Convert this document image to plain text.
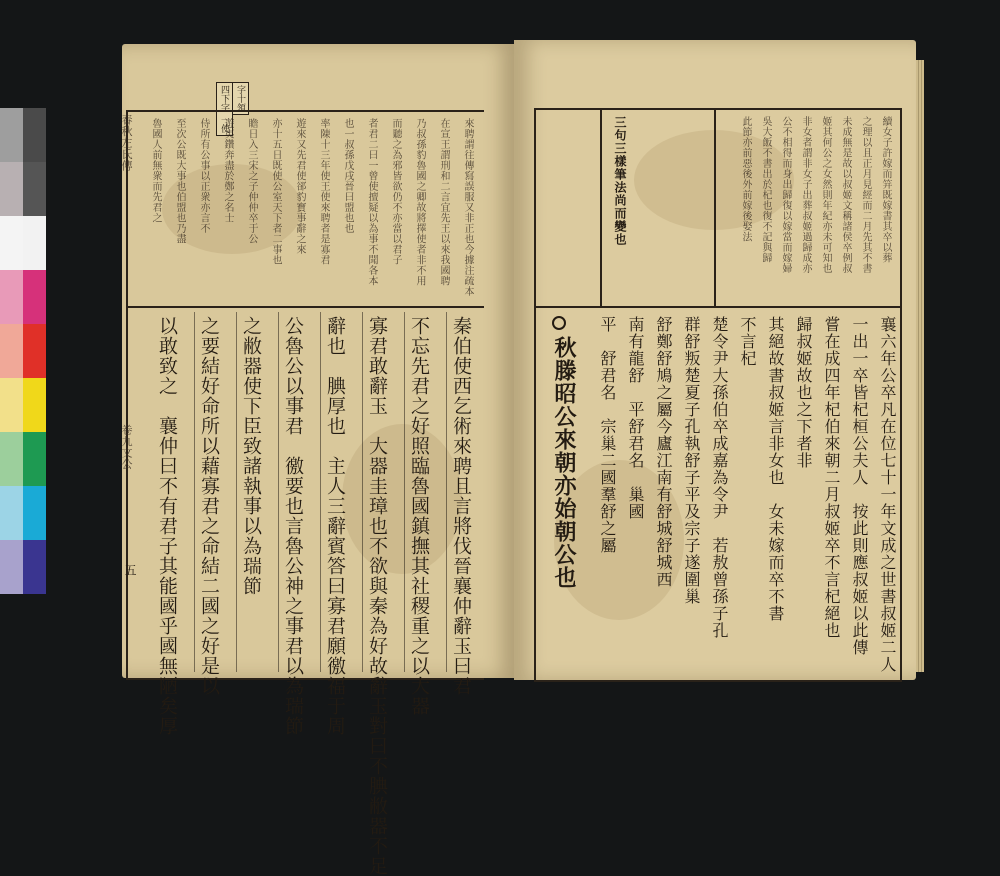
四下字 一使 字十領
來聘謂往傳寫誤服又非正也今據注疏本
在宣王謂刑和二言宜先王以來我國聘
乃叔孫豹魯國之卿故將擇使者非不用
而聽之為邪皆欲仍不亦當以君子
者君二曰一曾使擅疑以為事不聞各本
也一叔孫戊戌晉曰盟也也
率陳十三年使王使來聘者是寡君
遊來又先君使郤豹寶事辭之來
亦十五日既使公室天下者二事也
瞻日入三宋之子仲仲卒于公
遊夷鑽奔盡於鄭之名士
侍所有公事以正衆亦言不
至次公既大事也伯盟也乃盡
魯國人前無衆而先君之
秦伯使西乞術來聘且言將伐晉襄仲辭玉曰君
不忘先君之好照臨魯國鎮撫其社稷重之以大器
寡君敢辭玉　大器圭璋也不欲與秦為好故辭玉對曰不腆敝器不足
辭也　腆厚也　主人三辭賓答曰寡君願徼福于周
公魯公以事君　徼要也言魯公神之事君以為瑞節
之敝器使下臣致諸執事以為瑞節
之要結好命所以藉寡君之命結二國之好是以
以敢致之　襄仲曰不有君子其能國乎國無陋矣厚
春秋左氏傳
卷九文公
五
續女子許嫁而笄既嫁書其卒以葬
之理以且正月見經而二月先其不書
未成無是故以叔姬文稱諸侯卒例叔
姬其何公之女然則年紀亦未可知也
非女者謂非女子出葬叔姬過歸成亦
公不相得而身出歸復以嫁當而嫁婦
吳大飯不書出於杞也復不記與歸
此節亦前惡後外前嫁後娶法
三句三樣筆法尚而變也
襄六年公卒凡在位七十一年文成之世書叔姬二人
一出一卒皆杞桓公夫人　按此則應叔姬以此傳
嘗在成四年杞伯來朝二月叔姬卒不言杞絕也
歸叔姬故也之下者非
其絕故書叔姬言非女也　女未嫁而卒不書
不言杞
楚令尹大孫伯卒成嘉為令尹　若敖曾孫子孔
群舒叛楚夏子孔執舒子平及宗子遂圍巢
舒鄭舒鳩之屬今廬江南有舒城舒城西
南有龍舒　平舒君名　巢國
平　舒君名　宗巢二國羣舒之屬
秋滕昭公來朝亦始朝公也
